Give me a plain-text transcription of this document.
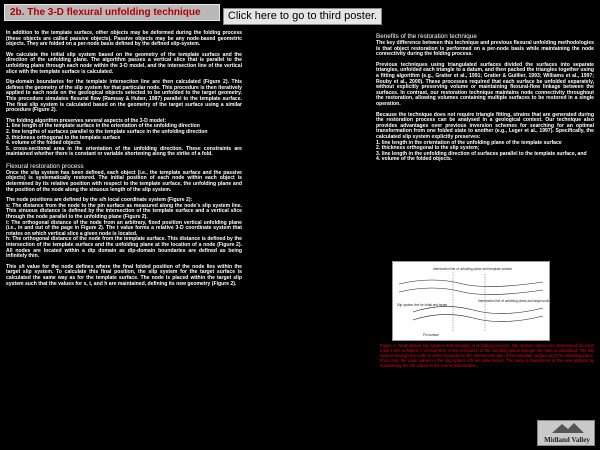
2b. The 3-D flexural unfolding technique	Click here to go to third poster.

In addition to the template surface, other objects may be deformed during the folding process (these objects are called passive objects). Passive objects may be any node-based geometric objects. They are folded on a per-node basis defined by the defined slip-system.

We calculate the initial slip system based on the geometry of the template surface and the direction of the unfolding plane. The algorithm passes a vertical slice that is parallel to the unfolding plane through each node within the 3-D model, and the intersection line of the vertical slice with the template surface is calculated.

Dip-domain boundaries for the template intersection line are then calculated (Figure 2). This defines the geometry of the slip system for that particular node. This procedure is then iteratively applied to each node on the geological objects selected to be unfolded to the target geometry. This procedure simulates flexural flow (Ramsay & Huber, 1987) parallel to the template surface. The final slip system is calculated based on the geometry of the target surface using a similar procedure (Figure 2).

The folding algorithm preserves several aspects of the 3-D model:
1. line length of the template surface in the orientation of the unfolding direction
2. line lengths of surfaces parallel to the template surface in the unfolding direction
3. thickness orthogonal to the template surface
4. volume of the folded objects
5. cross-sectional area in the orientation of the unfolding direction. These constraints are maintained whether there is constant or variable shortening along the strike of a fold.

Flexural restoration process

Once the slip system has been defined, each object (i.e., the template surface and the passive objects) is systematically restored. The initial position of each node within each object is determined by its relative position with respect to the template surface, the unfolding plane and the position of the node along the sinuous length of the slip system.

The node positions are defined by the s/h local coordinate system (Figure 2):
s: The distance from the node to the pin surface as measured along the node's slip system line. This sinuous distance is defined by the intersection of the template surface and a vertical slice through the node parallel to the unfolding plane (Figure 2).
t: The orthogonal distance of the node from an arbitrary, fixed position vertical unfolding plane (i.e., in and out of the page in Figure 2). The t value forms a relative 3-D coordinate system that rotates on which vertical slice a given node is located.
h: The orthogonal distance of the node from the template surface. This distance is defined by the intersection of the template surface and the unfolding plane at the location of a node (Figure 2). All nodes are located within a dip domain as dip-domain boundaries are defined as being infinitely thin.

This s/t value for the node defines where the final folded position of the node lies within the target slip system. To calculate this final position, the slip system for the target surface is calculated the same way as for the template surface. The node is placed within the target slip system such that the values for s, t, and h are maintained, defining its new geometry (Figure 2).

Benefits of the restoration technique

The key difference between this technique and previous flexural unfolding methodologies is that object restoration is performed on a per-node basis while maintaining the node connectivity during the folding process.

Previous techniques using triangulated surfaces divided the surfaces into separate triangles, unfolded each triangle to a datum, and then packed the triangles together using a fitting algorithm (e.g., Gratier et al., 1991; Gratier & Guillier, 1993; Williams et al., 1997; Rouby et al., 2000). These processes required that each surface be unfolded separately, without explicitly preserving volume or maintaining flexural-flow linkage between the surfaces. In contrast, our restoration technique maintains node connectivity throughout the restoration, allowing volumes containing multiple surfaces to be restored in a single operation.

Because the technique does not require triangle fitting, strains that are generated during the restoration process can be analysed in a geological context. Our technique also provides advantages over previous inversion schemes for searching for an optimal transformation from one folded state to another (e.g., Leger et al., 1997). Specifically, the calculated slip system explicitly preserves:
1. line length in the orientation of the unfolding plane of the template surface
2. thickness orthogonal to the slip system;
3. line length in the unfolding direction of surfaces parallel to the template surface, and
4. volume of the folded objects.

Intersection line of unfolding plane and template surface
Intersection line of unfolding plane and target surface
Slip system line for initial and target
Pin surface
Figure 2. Node-based slip system determination and folding process. Slip system values are determined for each node in the unfolded. A vertical slice in the orientation of the unfolding plane through the node is calculated. The slip system through the node is defined parallel to the intersection line of the template surface and the unfolding plane. From this, the node values in the slip system s/h are determined. The node is transferred to the new position by maintaining the s/h values in the new transformation.
Midland Valley
